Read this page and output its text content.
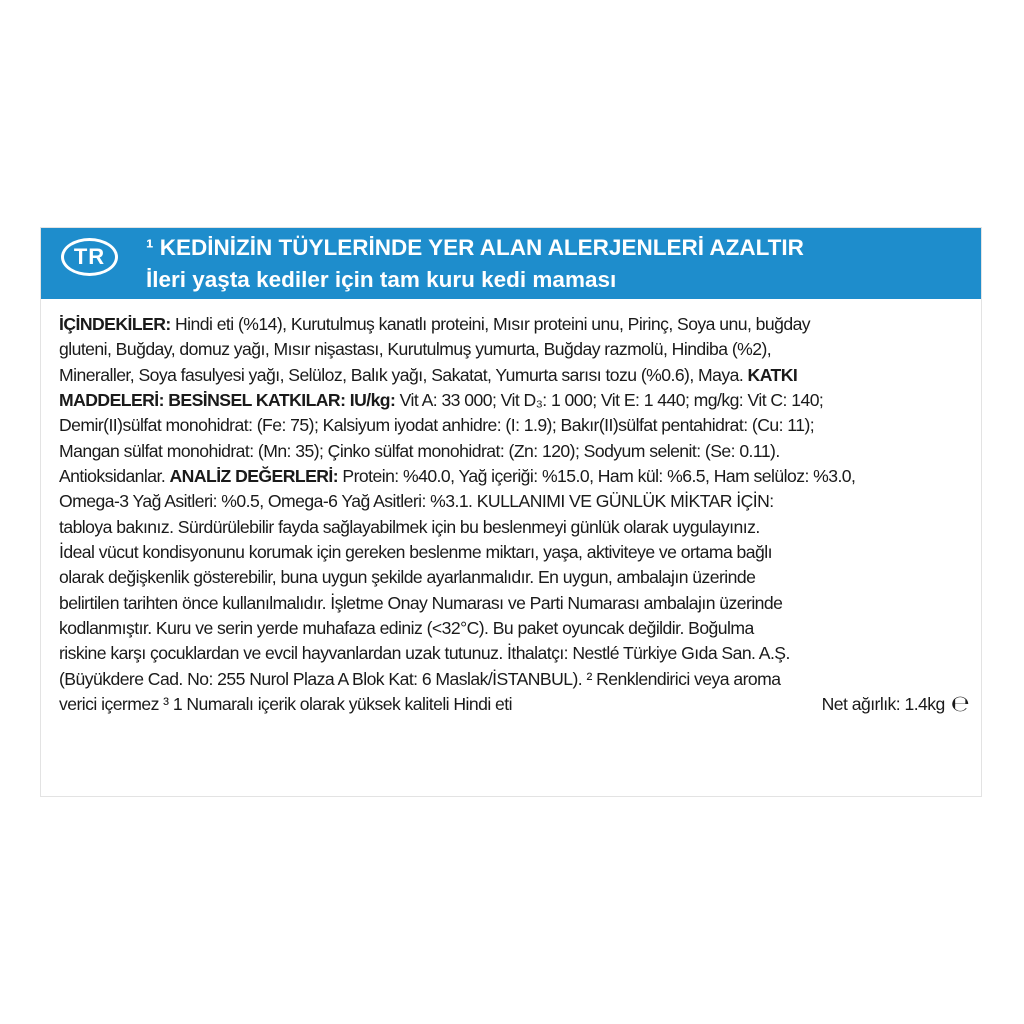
TR	¹ KEDİNİZİN TÜYLERİNDE YER ALAN ALERJENLERİ AZALTIR
İleri yaşta kediler için tam kuru kedi maması
İÇİNDEKİLER: Hindi eti (%14), Kurutulmuş kanatlı proteini, Mısır proteini unu, Pirinç, Soya unu, buğday
gluteni, Buğday, domuz yağı, Mısır nişastası, Kurutulmuş yumurta, Buğday razmolü, Hindiba (%2),
Mineraller, Soya fasulyesi yağı, Selüloz, Balık yağı, Sakatat, Yumurta sarısı tozu (%0.6), Maya. KATKI
MADDELERİ: BESİNSEL KATKILAR: IU/kg: Vit A: 33 000; Vit D₃: 1 000; Vit E: 1 440; mg/kg: Vit C: 140;
Demir(II)sülfat monohidrat: (Fe: 75); Kalsiyum iyodat anhidre: (I: 1.9); Bakır(II)sülfat pentahidrat: (Cu: 11);
Mangan sülfat monohidrat: (Mn: 35); Çinko sülfat monohidrat: (Zn: 120); Sodyum selenit: (Se: 0.11).
Antioksidanlar. ANALİZ DEĞERLERİ: Protein: %40.0, Yağ içeriği: %15.0, Ham kül: %6.5, Ham selüloz: %3.0,
Omega-3 Yağ Asitleri: %0.5, Omega-6 Yağ Asitleri: %3.1. KULLANIMI VE GÜNLÜK MİKTAR İÇİN:
tabloya bakınız. Sürdürülebilir fayda sağlayabilmek için bu beslenmeyi günlük olarak uygulayınız.
İdeal vücut kondisyonunu korumak için gereken beslenme miktarı, yaşa, aktiviteye ve ortama bağlı
olarak değişkenlik gösterebilir, buna uygun şekilde ayarlanmalıdır. En uygun, ambalajın üzerinde
belirtilen tarihten önce kullanılmalıdır. İşletme Onay Numarası ve Parti Numarası ambalajın üzerinde
kodlanmıştır. Kuru ve serin yerde muhafaza ediniz (<32°C). Bu paket oyuncak değildir. Boğulma
riskine karşı çocuklardan ve evcil hayvanlardan uzak tutunuz. İthalatçı: Nestlé Türkiye Gıda San. A.Ş.
(Büyükdere Cad. No: 255 Nurol Plaza A Blok Kat: 6 Maslak/İSTANBUL). ² Renklendirici veya aroma
verici içermez ³ 1 Numaralı içerik olarak yüksek kaliteli Hindi eti	Net ağırlık: 1.4kg ℮
